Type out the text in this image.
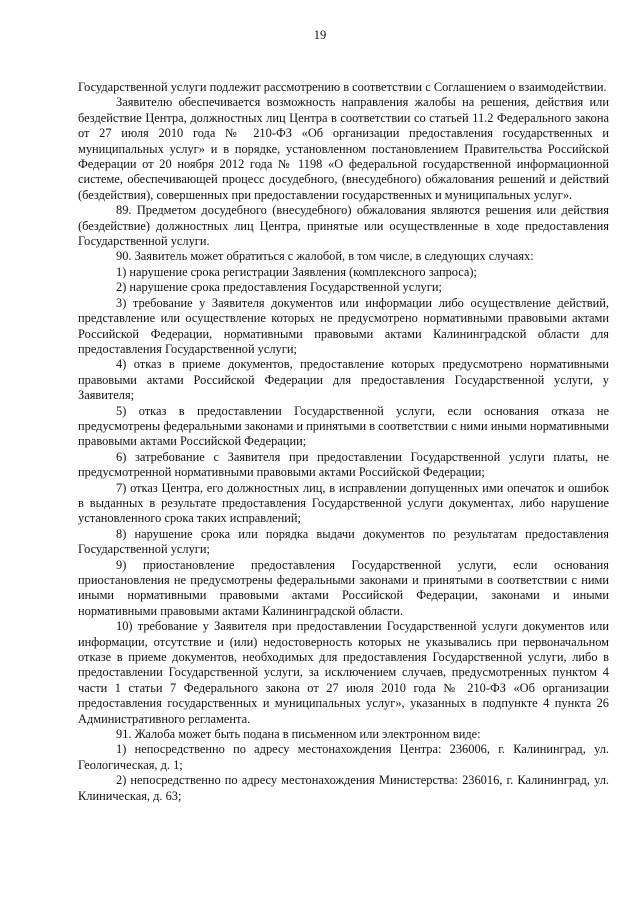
19

Государственной услуги подлежит рассмотрению в соответствии с Соглашением о взаимодействии.

Заявителю обеспечивается возможность направления жалобы на решения, действия или бездействие Центра, должностных лиц Центра в соответствии со статьей 11.2 Федерального закона от 27 июля 2010 года № 210-ФЗ «Об организации предоставления государственных и муниципальных услуг» и в порядке, установленном постановлением Правительства Российской Федерации от 20 ноября 2012 года № 1198 «О федеральной государственной информационной системе, обеспечивающей процесс досудебного, (внесудебного) обжалования решений и действий (бездействия), совершенных при предоставлении государственных и муниципальных услуг».

89. Предметом досудебного (внесудебного) обжалования являются решения или действия (бездействие) должностных лиц Центра, принятые или осуществленные в ходе предоставления Государственной услуги.

90. Заявитель может обратиться с жалобой, в том числе, в следующих случаях:

1) нарушение срока регистрации Заявления (комплексного запроса);

2) нарушение срока предоставления Государственной услуги;

3) требование у Заявителя документов или информации либо осуществление действий, представление или осуществление которых не предусмотрено нормативными правовыми актами Российской Федерации, нормативными правовыми актами Калининградской области для предоставления Государственной услуги;

4) отказ в приеме документов, предоставление которых предусмотрено нормативными правовыми актами Российской Федерации для предоставления Государственной услуги, у Заявителя;

5) отказ в предоставлении Государственной услуги, если основания отказа не предусмотрены федеральными законами и принятыми в соответствии с ними иными нормативными правовыми актами Российской Федерации;

6) затребование с Заявителя при предоставлении Государственной услуги платы, не предусмотренной нормативными правовыми актами Российской Федерации;

7) отказ Центра, его должностных лиц, в исправлении допущенных ими опечаток и ошибок в выданных в результате предоставления Государственной услуги документах, либо нарушение установленного срока таких исправлений;

8) нарушение срока или порядка выдачи документов по результатам предоставления Государственной услуги;

9) приостановление предоставления Государственной услуги, если основания приостановления не предусмотрены федеральными законами и принятыми в соответствии с ними иными нормативными правовыми актами Российской Федерации, законами и иными нормативными правовыми актами Калининградской области.

10) требование у Заявителя при предоставлении Государственной услуги документов или информации, отсутствие и (или) недостоверность которых не указывались при первоначальном отказе в приеме документов, необходимых для предоставления Государственной услуги, либо в предоставлении Государственной услуги, за исключением случаев, предусмотренных пунктом 4 части 1 статьи 7 Федерального закона от 27 июля 2010 года № 210-ФЗ «Об организации предоставления государственных и муниципальных услуг», указанных в подпункте 4 пункта 26 Административного регламента.

91. Жалоба может быть подана в письменном или электронном виде:

1) непосредственно по адресу местонахождения Центра: 236006, г. Калининград, ул. Геологическая, д. 1;

2) непосредственно по адресу местонахождения Министерства: 236016, г. Калининград, ул. Клиническая, д. 63;
